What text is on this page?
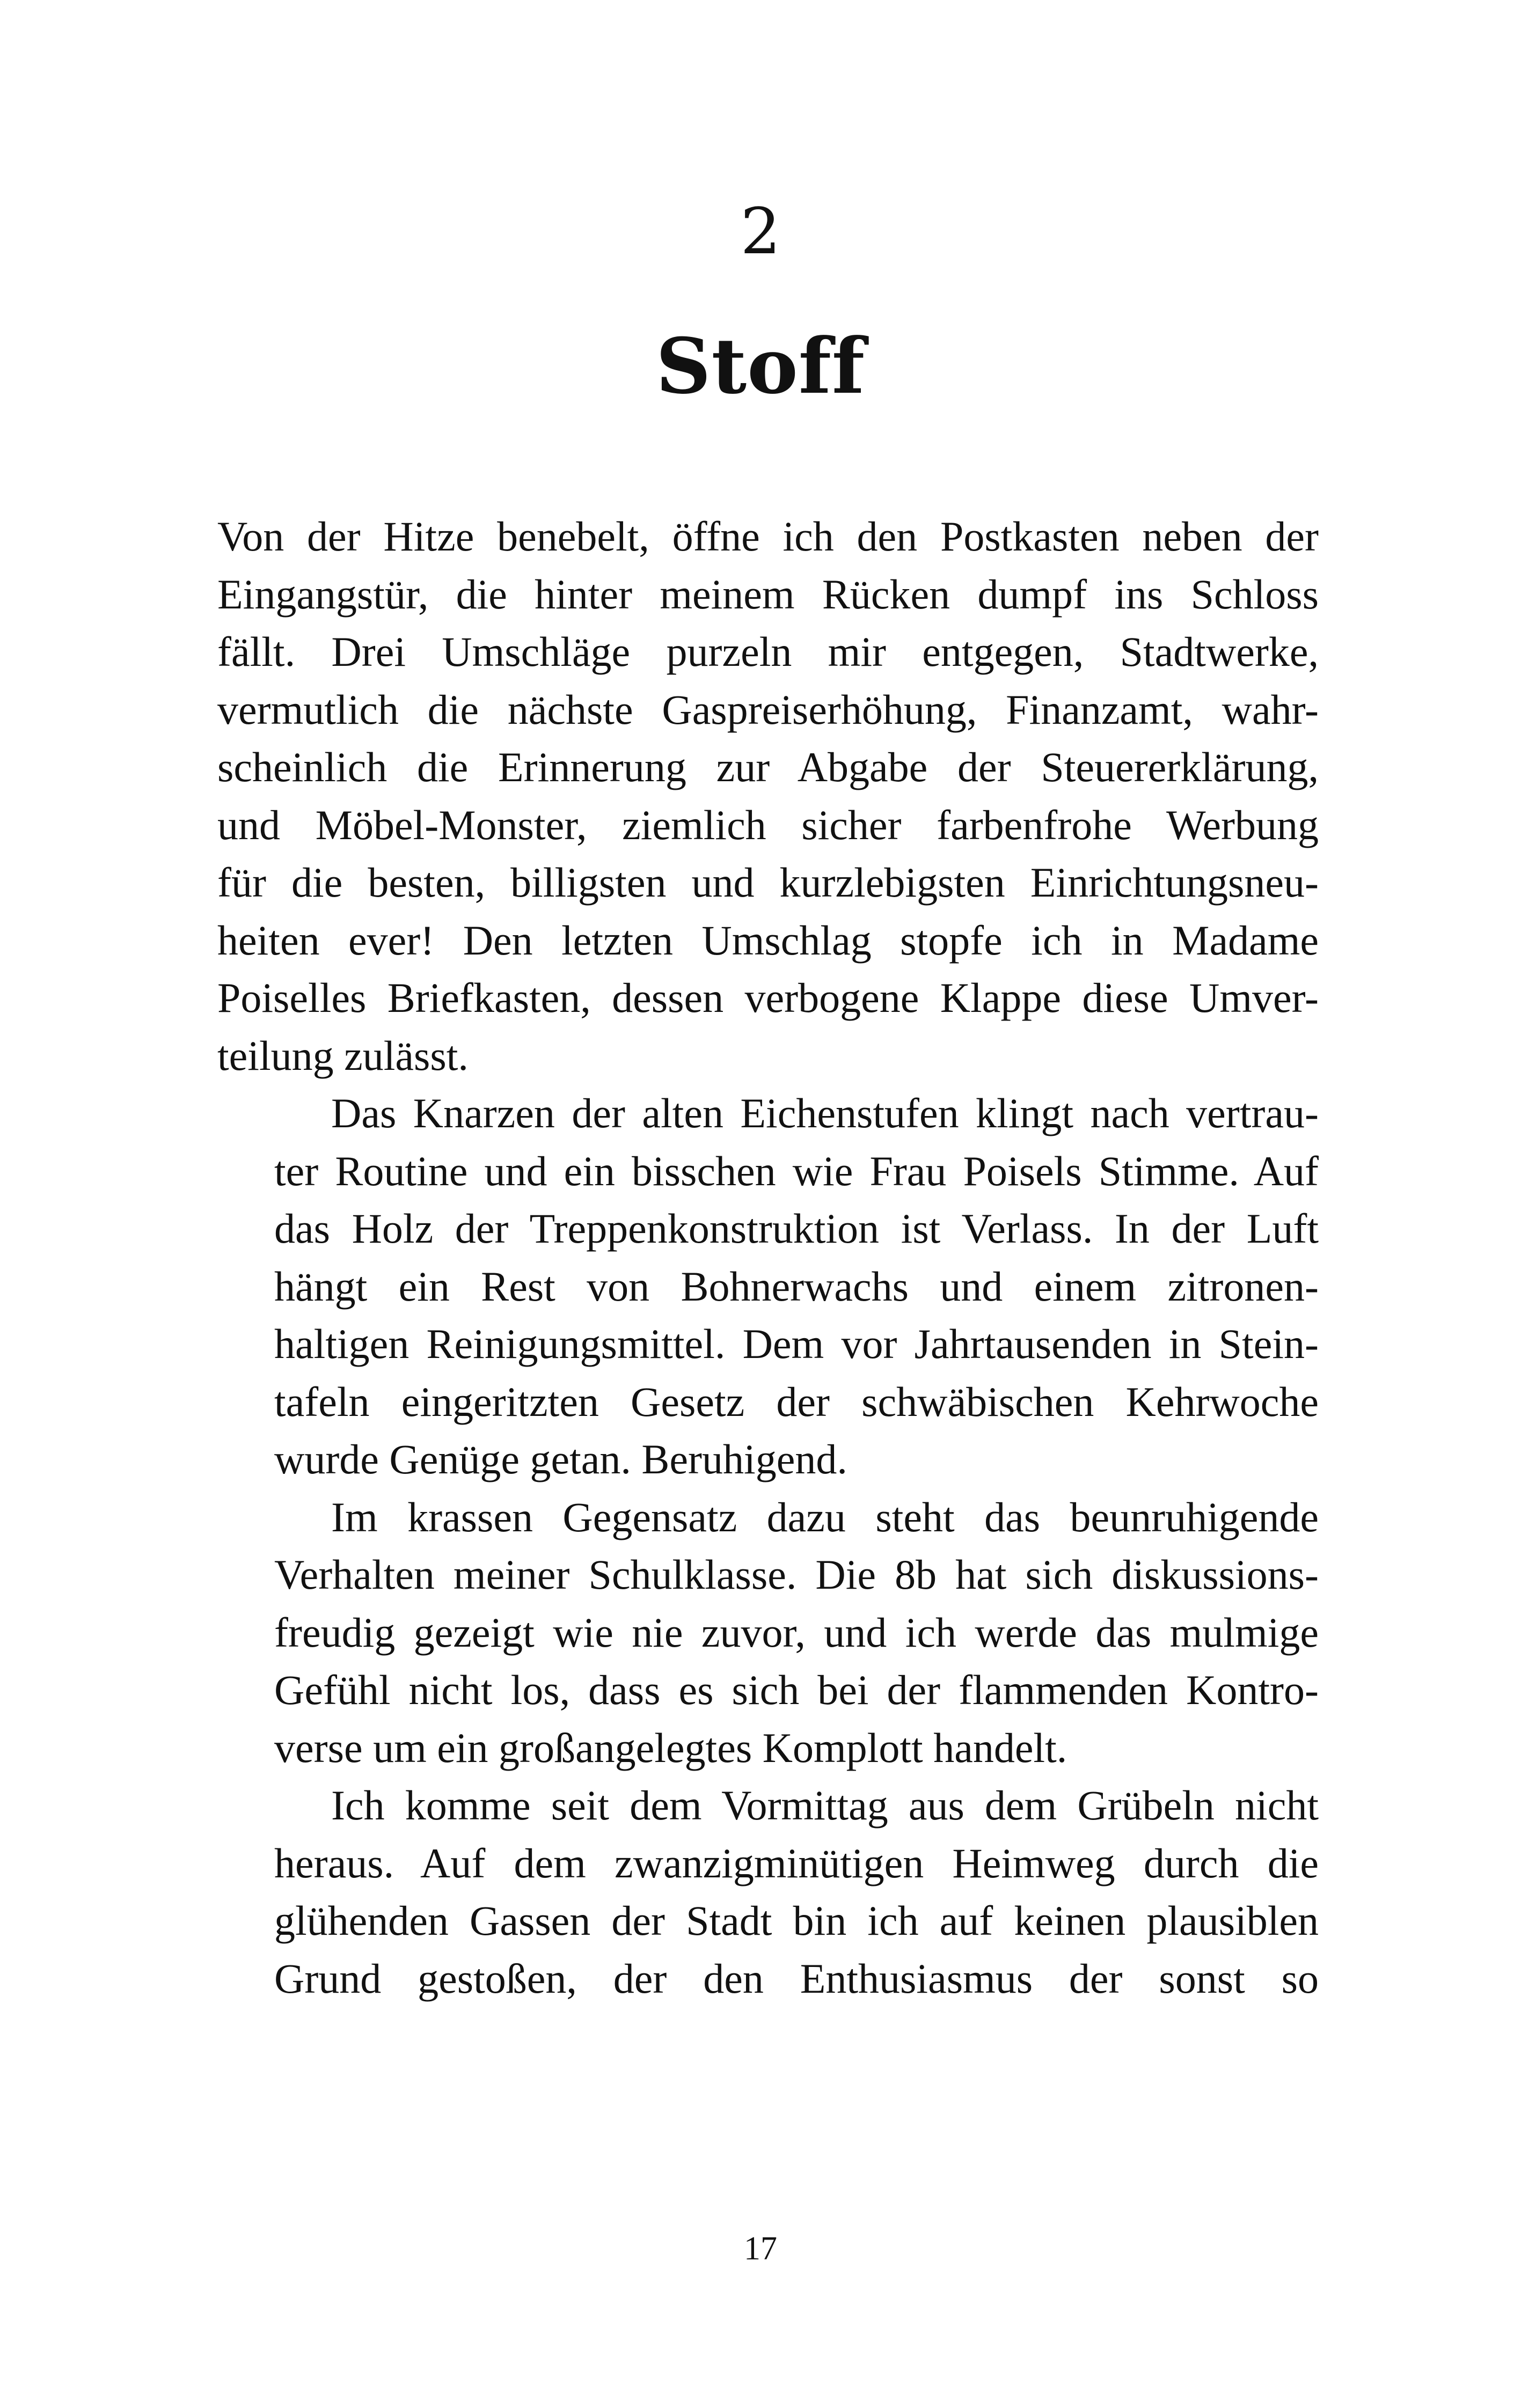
2
Stoff
Von der Hitze benebelt, öffne ich den Postkasten neben der
Eingangstür, die hinter meinem Rücken dumpf ins Schloss
fällt. Drei Umschläge purzeln mir entgegen, Stadtwerke,
vermutlich die nächste Gaspreiserhöhung, Finanzamt, wahr-
scheinlich die Erinnerung zur Abgabe der Steuererklärung,
und Möbel-Monster, ziemlich sicher farbenfrohe Werbung
für die besten, billigsten und kurzlebigsten Einrichtungsneu-
heiten ever! Den letzten Umschlag stopfe ich in Madame
Poiselles Briefkasten, dessen verbogene Klappe diese Umver-
teilung zulässt.
Das Knarzen der alten Eichenstufen klingt nach vertrau-
ter Routine und ein bisschen wie Frau Poisels Stimme. Auf
das Holz der Treppenkonstruktion ist Verlass. In der Luft
hängt ein Rest von Bohnerwachs und einem zitronen-
haltigen Reinigungsmittel. Dem vor Jahrtausenden in Stein-
tafeln eingeritzten Gesetz der schwäbischen Kehrwoche
wurde Genüge getan. Beruhigend.
Im krassen Gegensatz dazu steht das beunruhigende
Verhalten meiner Schulklasse. Die 8b hat sich diskussions-
freudig gezeigt wie nie zuvor, und ich werde das mulmige
Gefühl nicht los, dass es sich bei der flammenden Kontro-
verse um ein großangelegtes Komplott handelt.
Ich komme seit dem Vormittag aus dem Grübeln nicht
heraus. Auf dem zwanzigminütigen Heimweg durch die
glühenden Gassen der Stadt bin ich auf keinen plausiblen
Grund gestoßen, der den Enthusiasmus der sonst so
17
